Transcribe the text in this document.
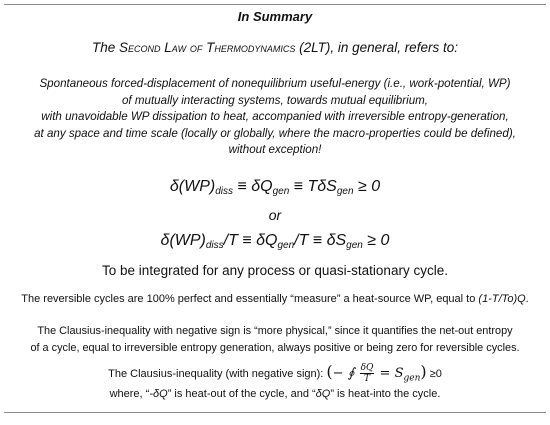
In Summary
The Second Law of Thermodynamics (2LT), in general, refers to:
Spontaneous forced-displacement of nonequilibrium useful-energy (i.e., work-potential, WP)
of mutually interacting systems, towards mutual equilibrium,
with unavoidable WP dissipation to heat, accompanied with irreversible entropy-generation,
at any space and time scale (locally or globally, where the macro-properties could be defined),
without exception!
$\delta(WP)_{diss} \equiv \delta Q_{gen} \equiv T\delta S_{gen} \ge 0$
or
$\delta(WP)_{diss}/T \equiv \delta Q_{gen}/T \equiv \delta S_{gen} \ge 0$
To be integrated for any process or quasi-stationary cycle.
The reversible cycles are 100% perfect and essentially “measure” a heat-source WP, equal to (1-T/To)Q.
The Clausius-inequality with negative sign is “more physical,” since it quantifies the net-out entropy
of a cycle, equal to irreversible entropy generation, always positive or being zero for reversible cycles.
The Clausius-inequality (with negative sign): (− ∮ $\frac{\delta Q}{T} = S_{gen}) \ge 0$
where, “-δQ” is heat-out of the cycle, and “δQ” is heat-into the cycle.
